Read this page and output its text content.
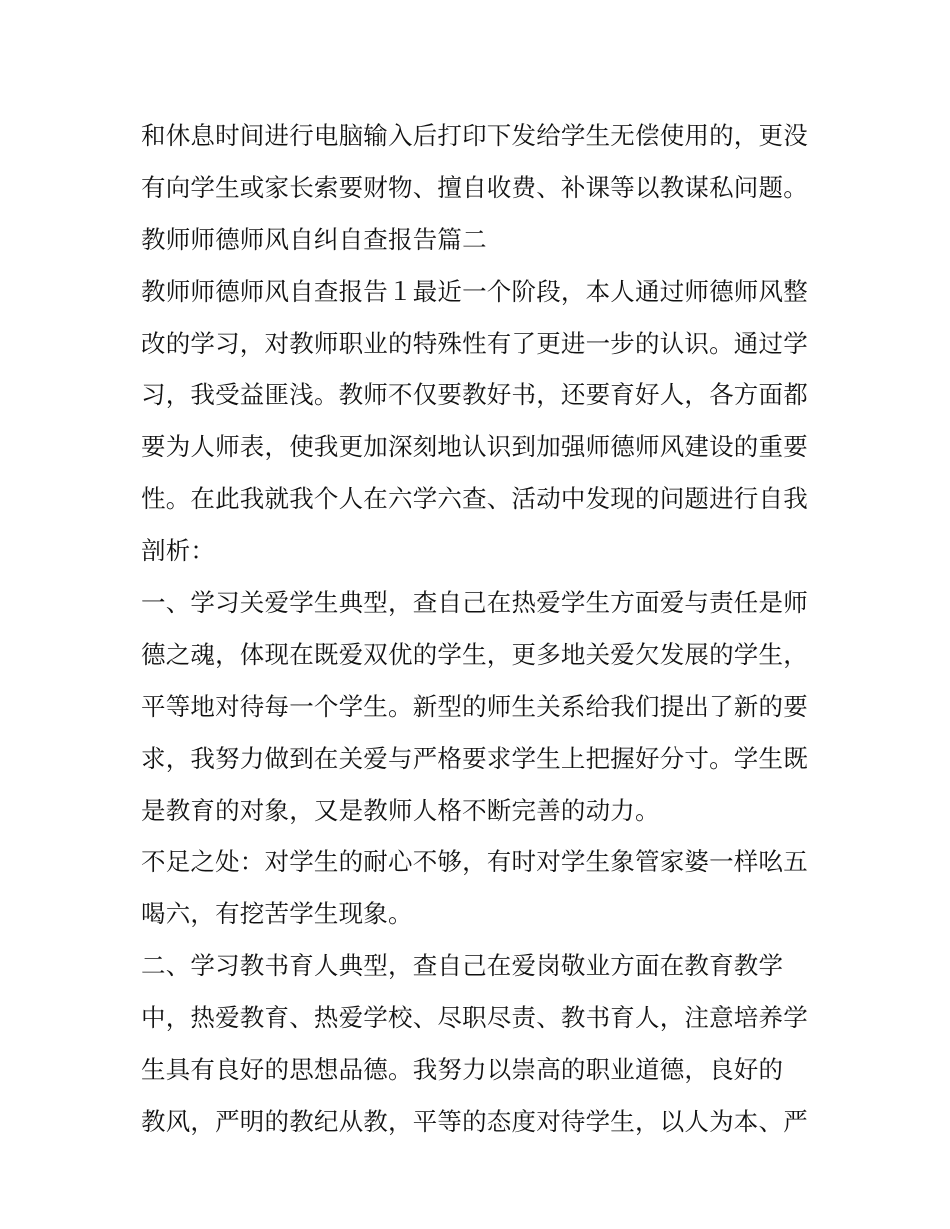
和休息时间进行电脑输入后打印下发给学生无偿使用的，更没

有向学生或家长索要财物、擅自收费、补课等以教谋私问题。

教师师德师风自纠自查报告篇二

教师师德师风自查报告１最近一个阶段，本人通过师德师风整

改的学习，对教师职业的特殊性有了更进一步的认识。通过学

习，我受益匪浅。教师不仅要教好书，还要育好人，各方面都

要为人师表，使我更加深刻地认识到加强师德师风建设的重要

性。在此我就我个人在六学六查、活动中发现的问题进行自我

剖析：

一、学习关爱学生典型，查自己在热爱学生方面爱与责任是师

德之魂，体现在既爱双优的学生，更多地关爱欠发展的学生，

平等地对待每一个学生。新型的师生关系给我们提出了新的要

求，我努力做到在关爱与严格要求学生上把握好分寸。学生既

是教育的对象，又是教师人格不断完善的动力。

不足之处：对学生的耐心不够，有时对学生象管家婆一样吆五

喝六，有挖苦学生现象。

二、学习教书育人典型，查自己在爱岗敬业方面在教育教学

中，热爱教育、热爱学校、尽职尽责、教书育人，注意培养学

生具有良好的思想品德。我努力以崇高的职业道德，良好的

教风，严明的教纪从教，平等的态度对待学生，以人为本、严
